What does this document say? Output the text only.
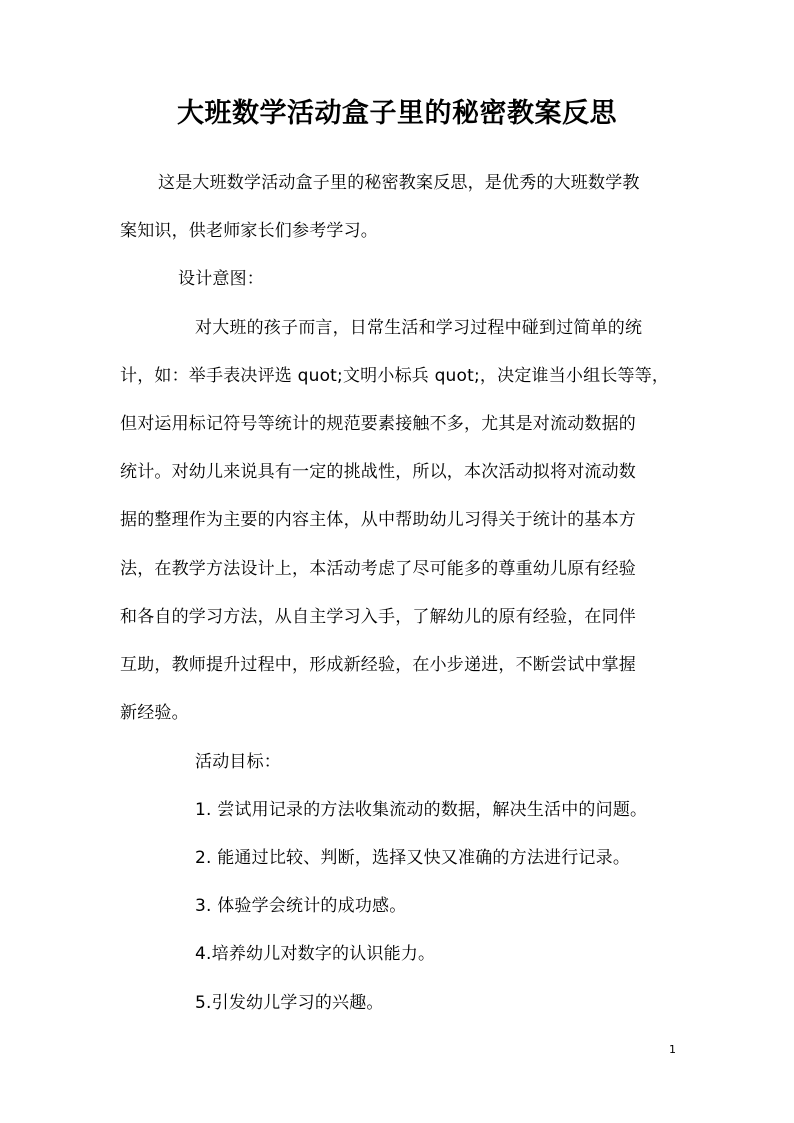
大班数学活动盒子里的秘密教案反思
这是大班数学活动盒子里的秘密教案反思，是优秀的大班数学教
案知识，供老师家长们参考学习。
设计意图：
对大班的孩子而言，日常生活和学习过程中碰到过简单的统
计，如：举手表决评选 quot;文明小标兵 quot;，决定谁当小组长等等，
但对运用标记符号等统计的规范要素接触不多，尤其是对流动数据的
统计。对幼儿来说具有一定的挑战性，所以，本次活动拟将对流动数
据的整理作为主要的内容主体，从中帮助幼儿习得关于统计的基本方
法，在教学方法设计上，本活动考虑了尽可能多的尊重幼儿原有经验
和各自的学习方法，从自主学习入手，了解幼儿的原有经验，在同伴
互助，教师提升过程中，形成新经验，在小步递进，不断尝试中掌握
新经验。
活动目标：
1. 尝试用记录的方法收集流动的数据，解决生活中的问题。
2. 能通过比较、判断，选择又快又准确的方法进行记录。
3. 体验学会统计的成功感。
4.培养幼儿对数字的认识能力。
5.引发幼儿学习的兴趣。
1
